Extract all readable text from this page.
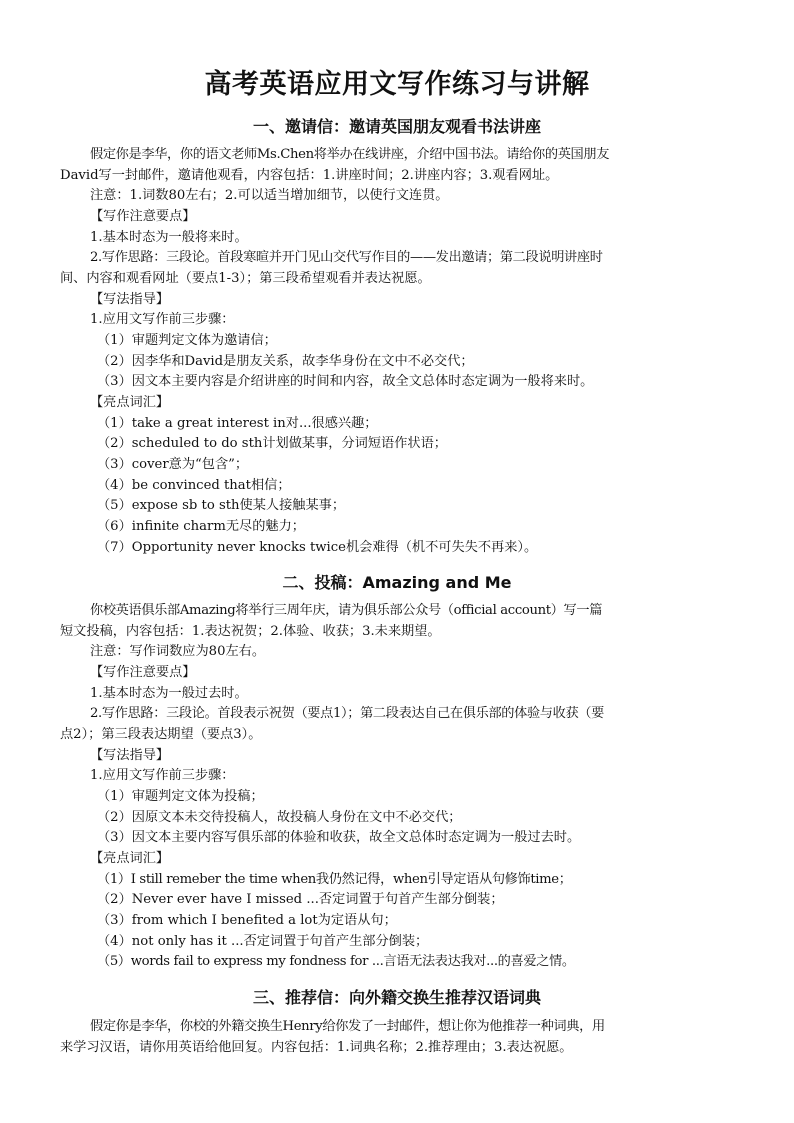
高考英语应用文写作练习与讲解
一、邀请信：邀请英国朋友观看书法讲座
假定你是李华，你的语文老师Ms.Chen将举办在线讲座，介绍中国书法。请给你的英国朋友
David写一封邮件，邀请他观看，内容包括：1.讲座时间；2.讲座内容；3.观看网址。
注意：1.词数80左右；2.可以适当增加细节，以使行文连贯。
【写作注意要点】
1.基本时态为一般将来时。
2.写作思路：三段论。首段寒暄并开门见山交代写作目的——发出邀请；第二段说明讲座时
间、内容和观看网址（要点1-3）；第三段希望观看并表达祝愿。
【写法指导】
1.应用文写作前三步骤：
（1）审题判定文体为邀请信；
（2）因李华和David是朋友关系，故李华身份在文中不必交代；
（3）因文本主要内容是介绍讲座的时间和内容，故全文总体时态定调为一般将来时。
【亮点词汇】
（1）take a great interest in对...很感兴趣；
（2）scheduled to do sth计划做某事，分词短语作状语；
（3）cover意为“包含”；
（4）be convinced that相信；
（5）expose sb to sth使某人接触某事；
（6）infinite charm无尽的魅力；
（7）Opportunity never knocks twice机会难得（机不可失失不再来）。
二、投稿：Amazing and Me
你校英语俱乐部Amazing将举行三周年庆，请为俱乐部公众号（official account）写一篇
短文投稿，内容包括：1.表达祝贺；2.体验、收获；3.未来期望。
注意：写作词数应为80左右。
【写作注意要点】
1.基本时态为一般过去时。
2.写作思路：三段论。首段表示祝贺（要点1）；第二段表达自己在俱乐部的体验与收获（要
点2）；第三段表达期望（要点3）。
【写法指导】
1.应用文写作前三步骤：
（1）审题判定文体为投稿；
（2）因原文本未交待投稿人，故投稿人身份在文中不必交代；
（3）因文本主要内容写俱乐部的体验和收获，故全文总体时态定调为一般过去时。
【亮点词汇】
（1）I still remeber the time when我仍然记得，when引导定语从句修饰time；
（2）Never ever have I missed ...否定词置于句首产生部分倒装；
（3）from which I benefited a lot为定语从句；
（4）not only has it ...否定词置于句首产生部分倒装；
（5）words fail to express my fondness for ...言语无法表达我对...的喜爱之情。
三、推荐信：向外籍交换生推荐汉语词典
假定你是李华，你校的外籍交换生Henry给你发了一封邮件，想让你为他推荐一种词典，用
来学习汉语，请你用英语给他回复。内容包括：1.词典名称；2.推荐理由；3.表达祝愿。
